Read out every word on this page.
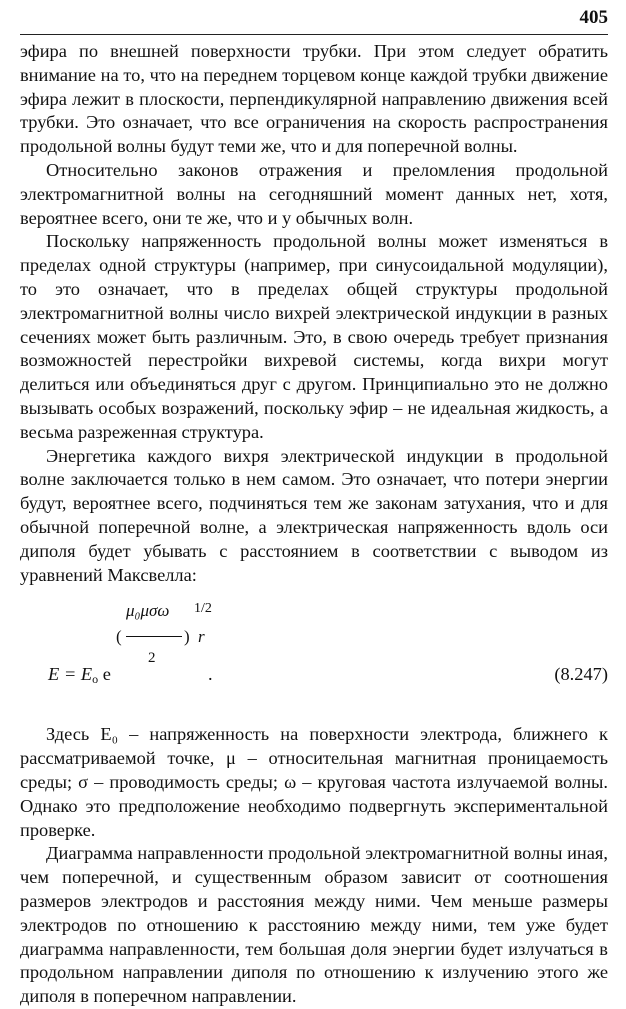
405

эфира по внешней поверхности трубки. При этом следует обратить внимание на то, что на переднем торцевом конце каждой трубки движение эфира лежит в плоскости, перпендикулярной направлению движения всей трубки. Это означает, что все ограничения на скорость распространения продольной волны будут теми же, что и для поперечной волны.

Относительно законов отражения и преломления продольной электромагнитной волны на сегодняшний момент данных нет, хотя, вероятнее всего, они те же, что и у обычных волн.

Поскольку напряженность продольной волны может изменяться в пределах одной структуры (например, при синусоидальной модуляции), то это означает, что в пределах общей структуры продольной электромагнитной волны число вихрей электрической индукции в разных сечениях может быть различным. Это, в свою очередь требует признания возможностей перестройки вихревой системы, когда вихри могут делиться или объединяться друг с другом. Принципиально это не должно вызывать особых возражений, поскольку эфир – не идеальная жидкость, а весьма разреженная структура.

Энергетика каждого вихря электрической индукции в продольной волне заключается только в нем самом. Это означает, что потери энергии будут, вероятнее всего, подчиняться тем же законам затухания, что и для обычной поперечной волне, а электрическая напряженность вдоль оси диполя будет убывать с расстоянием в соответствии с выводом из уравнений Максвелла:

μ₀μσω 1/2
(	) r
2
$E = E_o$ e	.	(8.247)

Здесь E₀ – напряженность на поверхности электрода, ближнего к рассматриваемой точке, μ – относительная магнитная проницаемость среды; σ – проводимость среды; ω – круговая частота излучаемой волны. Однако это предположение необходимо подвергнуть экспериментальной проверке.

Диаграмма направленности продольной электромагнитной волны иная, чем поперечной, и существенным образом зависит от соотношения размеров электродов и расстояния между ними. Чем меньше размеры электродов по отношению к расстоянию между ними, тем уже будет диаграмма направленности, тем большая доля энергии будет излучаться в продольном направлении диполя по отношению к излучению этого же диполя в поперечном направлении.
